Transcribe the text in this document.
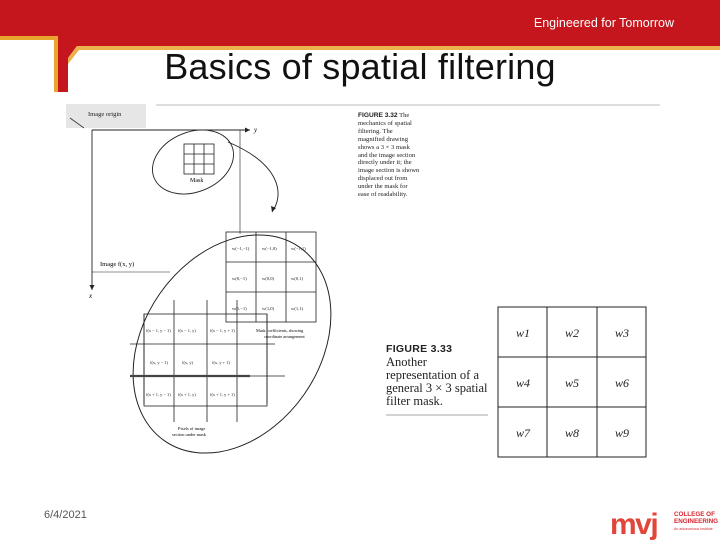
Engineered for Tomorrow
Basics of spatial filtering
Image origin
y
x
Image f(x, y)
Mask
w(−1,−1)	w(−1,0)	w(−1,1)
w(0,−1)	w(0,0)	w(0,1)
w(1,−1)	w(1,0)	w(1,1)
Mask coefficients, showing
coordinate arrangement
f(x − 1, y − 1) f(x − 1, y)	f(x − 1, y + 1)
f(x, y − 1)	f(x, y)	f(x, y + 1)
f(x + 1, y − 1) f(x + 1, y)	f(x + 1, y + 1)
Pixels of image
section under mask
FIGURE 3.32 The mechanics of spatial filtering. The magnified drawing shows a 3 × 3 mask and the image section directly under it; the image section is shown displaced out from under the mask for ease of readability.
FIGURE 3.33
Another representation of a general 3 × 3 spatial filter mask.
w1	w2	w3
w4	w5	w6
w7	w8	w9
6/4/2021	mvj	COLLEGE OF
ENGINEERING
An autonomous Institute
